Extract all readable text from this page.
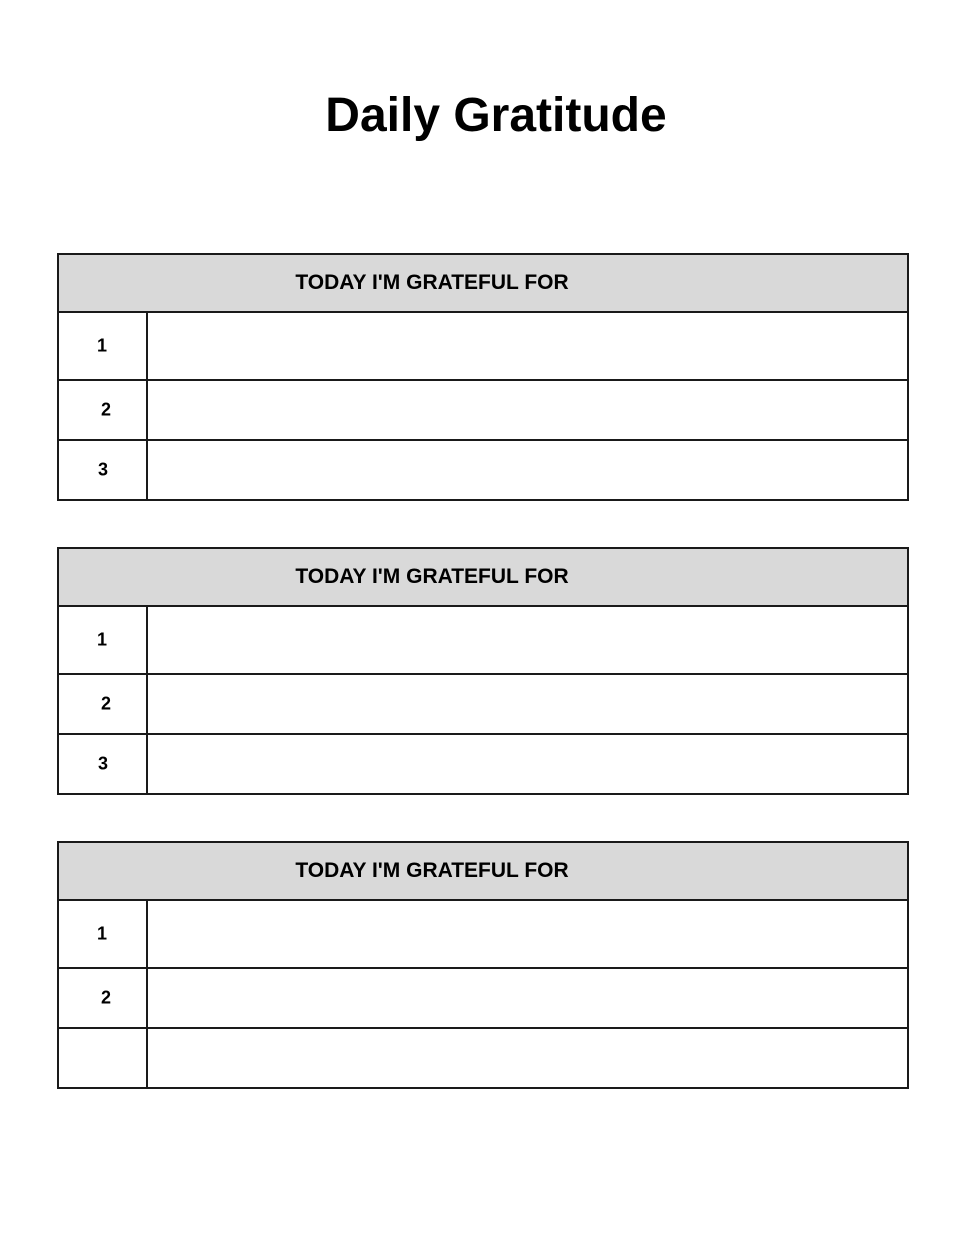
Daily Gratitude
TODAY I'M GRATEFUL FOR
1
2
3
TODAY I'M GRATEFUL FOR
1
2
3
TODAY I'M GRATEFUL FOR
1
2
